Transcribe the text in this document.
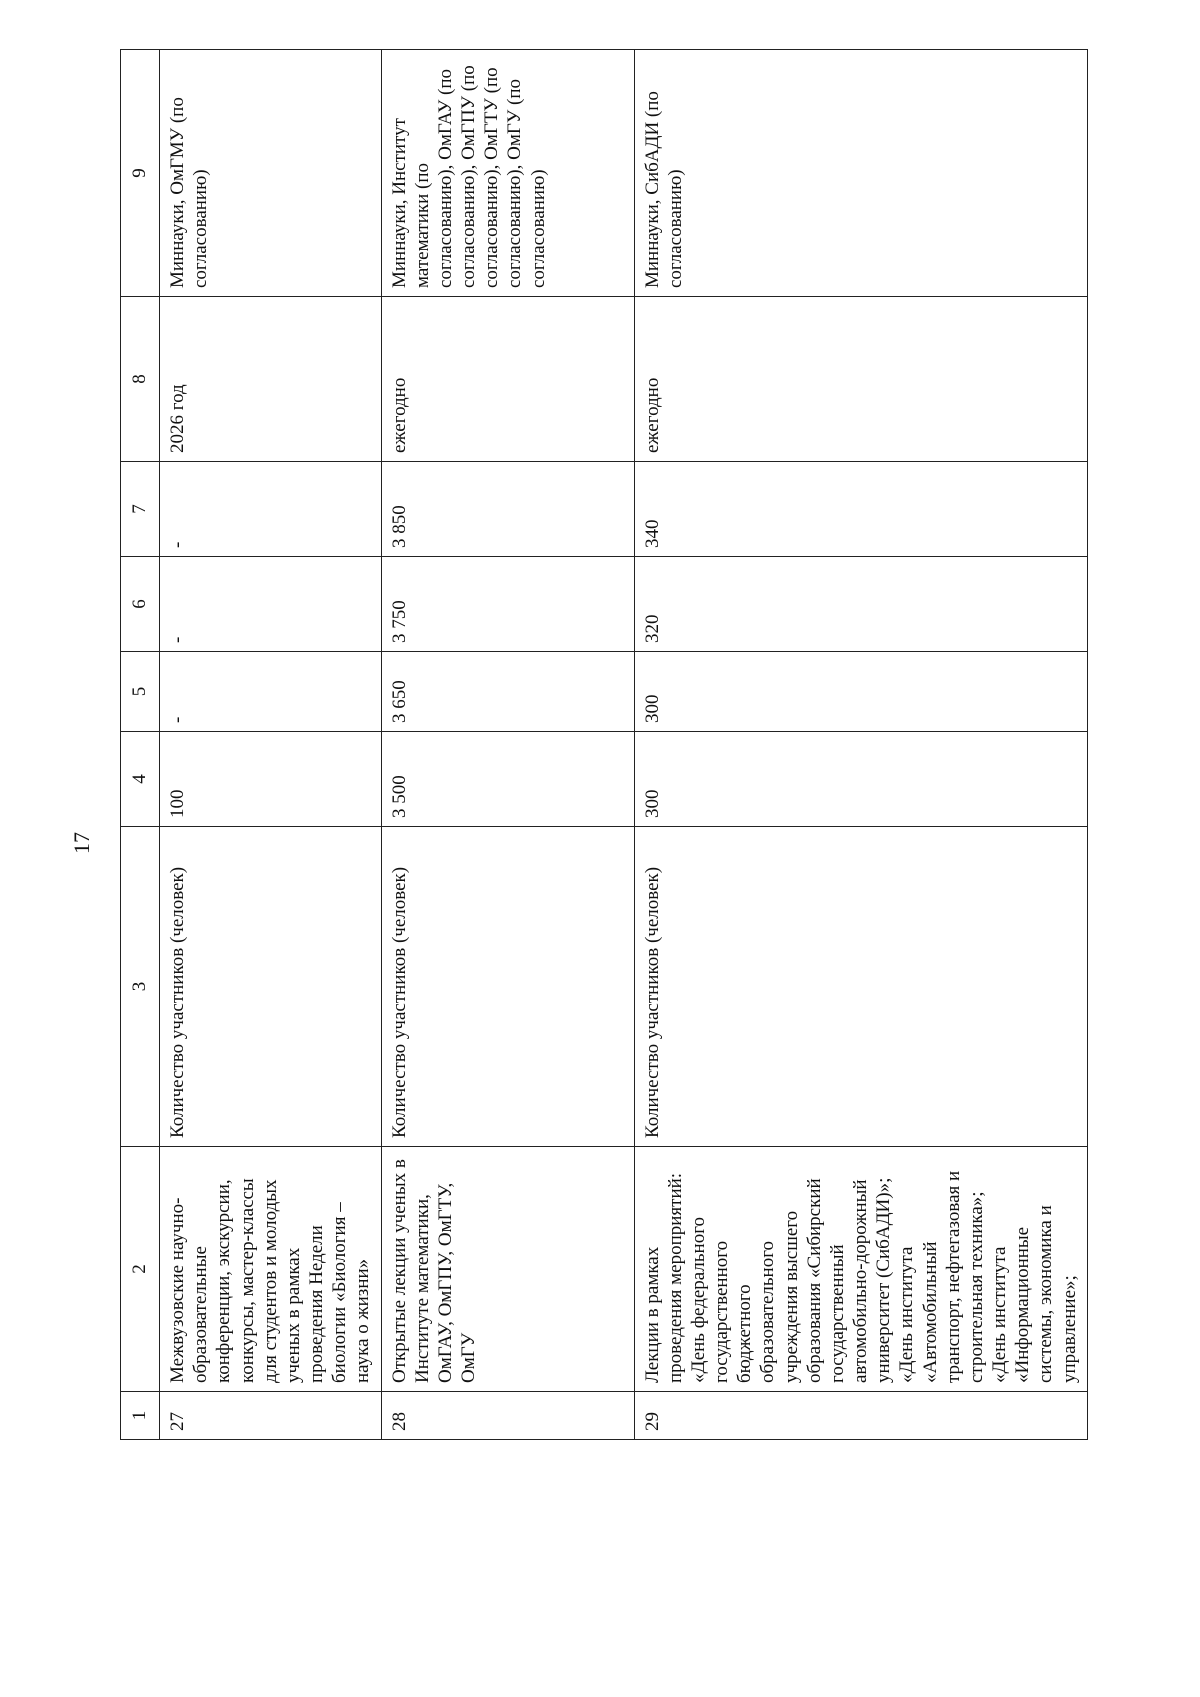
17
1	2	3	4	5	6	7	8	9
27	Межвузовские научно-образовательные конференции, экскурсии, конкурсы, мастер-классы для студентов и молодых ученых в рамках проведения Недели биологии «Биология – наука о жизни»	Количество участников (человек)	100	-	-	-	2026 год	Миннауки, ОмГМУ (по согласованию)
28	Открытые лекции ученых в Институте математики, ОмГАУ, ОмГПУ, ОмГТУ, ОмГУ	Количество участников (человек)	3 500	3 650	3 750	3 850	ежегодно	Миннауки, Институт математики (по согласованию), ОмГАУ (по согласованию), ОмГПУ (по согласованию), ОмГТУ (по согласованию), ОмГУ (по согласованию)
29	Лекции в рамках проведения мероприятий:
«День федерального государственного бюджетного образовательного учреждения высшего образования «Сибирский государственный автомобильно-дорожный университет (СибАДИ)»;
«День института «Автомобильный транспорт, нефтегазовая и строительная техника»;
«День института «Информационные системы, экономика и управление»;	Количество участников (человек)	300	300	320	340	ежегодно	Миннауки, СибАДИ (по согласованию)
